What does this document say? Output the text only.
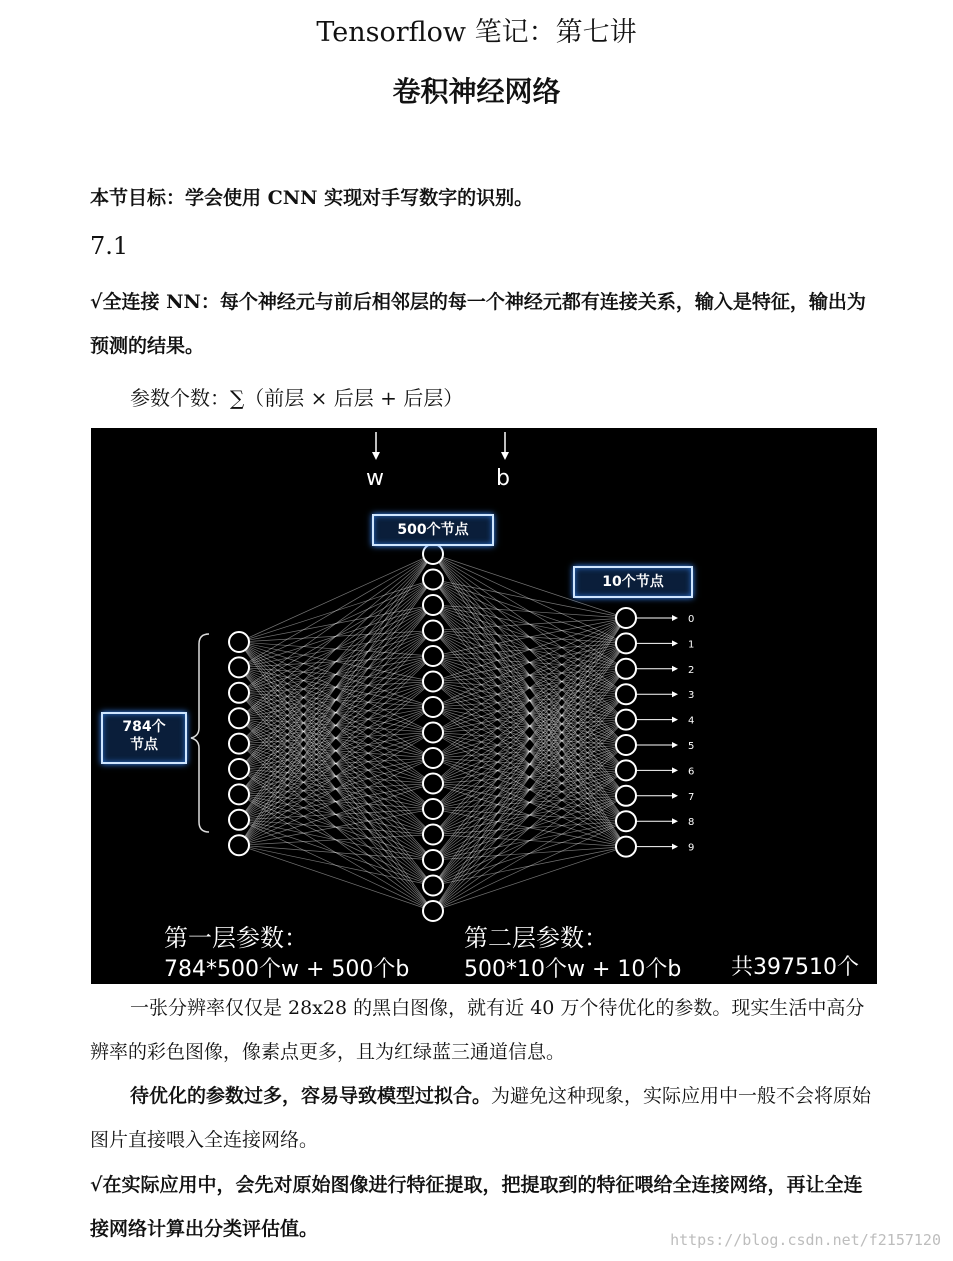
Tensorflow 笔记：第七讲
卷积神经网络
本节目标：学会使用 CNN 实现对手写数字的识别。
7.1
√全连接 NN：每个神经元与前后相邻层的每一个神经元都有连接关系，输入是特征，输出为预测的结果。
参数个数：∑（前层 × 后层 + 后层）
0
1
2
3
4
5
6
7
8
9
w	b
500个节点
10个节点
784个
节点
第一层参数：
784*500个w + 500个b
第二层参数：
500*10个w + 10个b 共397510个
一张分辨率仅仅是 28x28 的黑白图像，就有近 40 万个待优化的参数。现实生活中高分辨率的彩色图像，像素点更多，且为红绿蓝三通道信息。
待优化的参数过多，容易导致模型过拟合。为避免这种现象，实际应用中一般不会将原始图片直接喂入全连接网络。
√在实际应用中，会先对原始图像进行特征提取，把提取到的特征喂给全连接网络，再让全连接网络计算出分类评估值。	https://blog.csdn.net/f2157120
